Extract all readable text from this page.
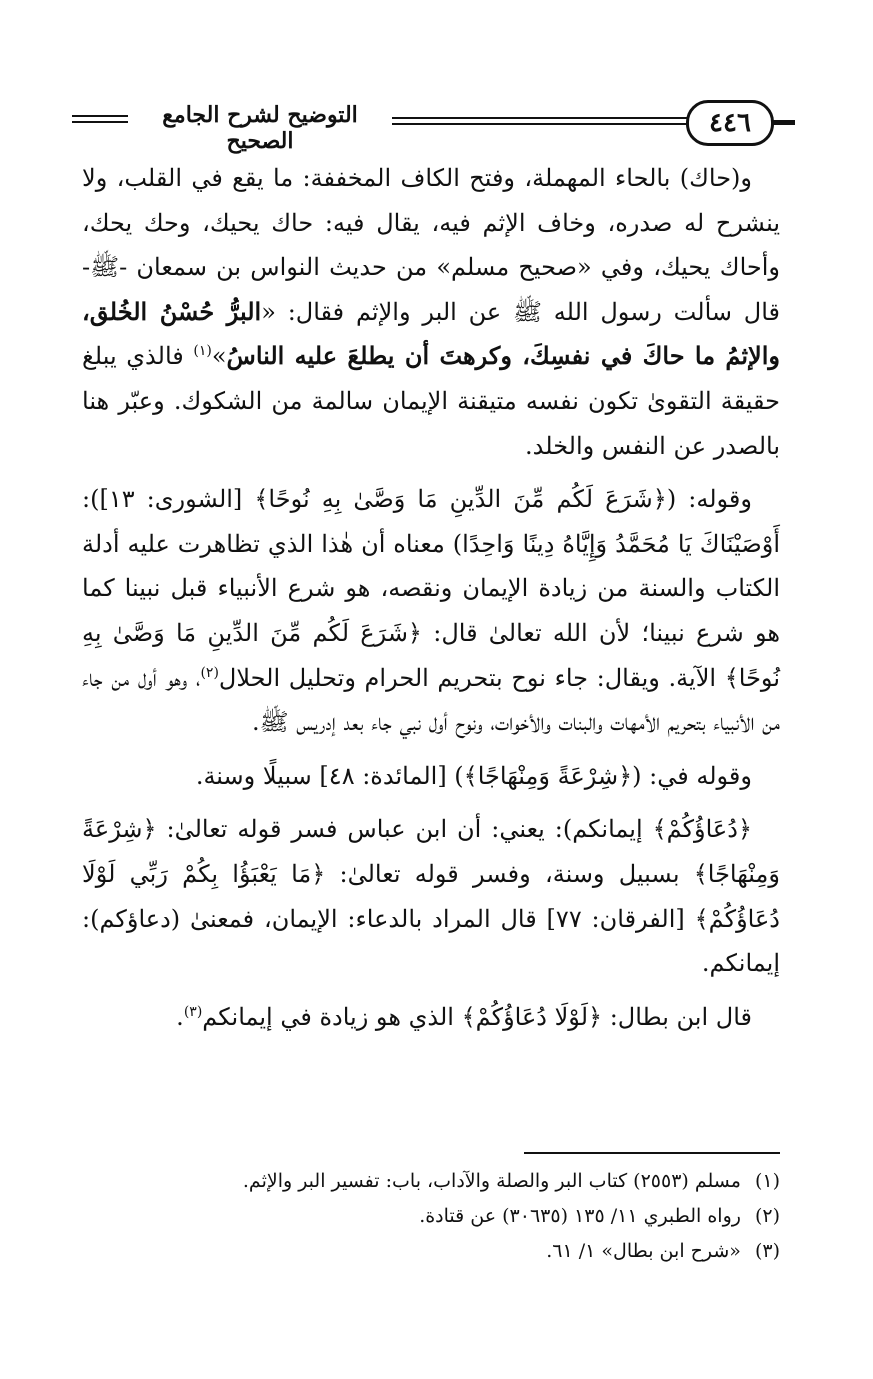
التوضيح لشرح الجامع الصحيح
٤٤٦

و(حاك) بالحاء المهملة، وفتح الكاف المخففة: ما يقع في القلب، ولا ينشرح له صدره، وخاف الإثم فيه، يقال فيه: حاك يحيك، وحك يحك، وأحاك يحيك، وفي «صحيح مسلم» من حديث النواس بن سمعان -ﷺ- قال سألت رسول الله ﷺ عن البر والإثم فقال: «البرُّ حُسْنُ الخُلق، والإثمُ ما حاكَ في نفسِكَ، وكرهتَ أن يطلعَ عليه الناسُ»$^{(١)}$ فالذي يبلغ حقيقة التقوىٰ تكون نفسه متيقنة الإيمان سالمة من الشكوك. وعبّر هنا بالصدر عن النفس والخلد.

وقوله: (﴿شَرَعَ لَكُم مِّنَ الدِّينِ مَا وَصَّىٰ بِهِ نُوحًا﴾ [الشورى: ١٣]): أَوْصَيْنَاكَ يَا مُحَمَّدُ وَإِيَّاهُ دِينًا وَاحِدًا) معناه أن هٰذا الذي تظاهرت عليه أدلة الكتاب والسنة من زيادة الإيمان ونقصه، هو شرع الأنبياء قبل نبينا كما هو شرع نبينا؛ لأن الله تعالىٰ قال: ﴿شَرَعَ لَكُم مِّنَ الدِّينِ مَا وَصَّىٰ بِهِ نُوحًا﴾ الآية. ويقال: جاء نوح بتحريم الحرام وتحليل الحلال$^{(٢)}$، وهو أول من جاء من الأنبياء بتحريم الأمهات والبنات والأخوات، ونوح أول نبي جاء بعد إدريس ﷺ.

وقوله في: (﴿شِرْعَةً وَمِنْهَاجًا﴾) [المائدة: ٤٨] سبيلًا وسنة.

﴿دُعَاؤُكُمْ﴾ إيمانكم): يعني: أن ابن عباس فسر قوله تعالىٰ: ﴿شِرْعَةً وَمِنْهَاجًا﴾ بسبيل وسنة، وفسر قوله تعالىٰ: ﴿مَا يَعْبَؤُا بِكُمْ رَبِّي لَوْلَا دُعَاؤُكُمْ﴾ [الفرقان: ٧٧] قال المراد بالدعاء: الإيمان، فمعنىٰ (دعاؤكم): إيمانكم.

قال ابن بطال: ﴿لَوْلَا دُعَاؤُكُمْ﴾ الذي هو زيادة في إيمانكم$^{(٣)}$.

(١)مسلم (٢٥٥٣) كتاب البر والصلة والآداب، باب: تفسير البر والإثم.

(٢)رواه الطبري ١١/ ١٣٥ (٣٠٦٣٥) عن قتادة.

(٣)«شرح ابن بطال» ١/ ٦١.
